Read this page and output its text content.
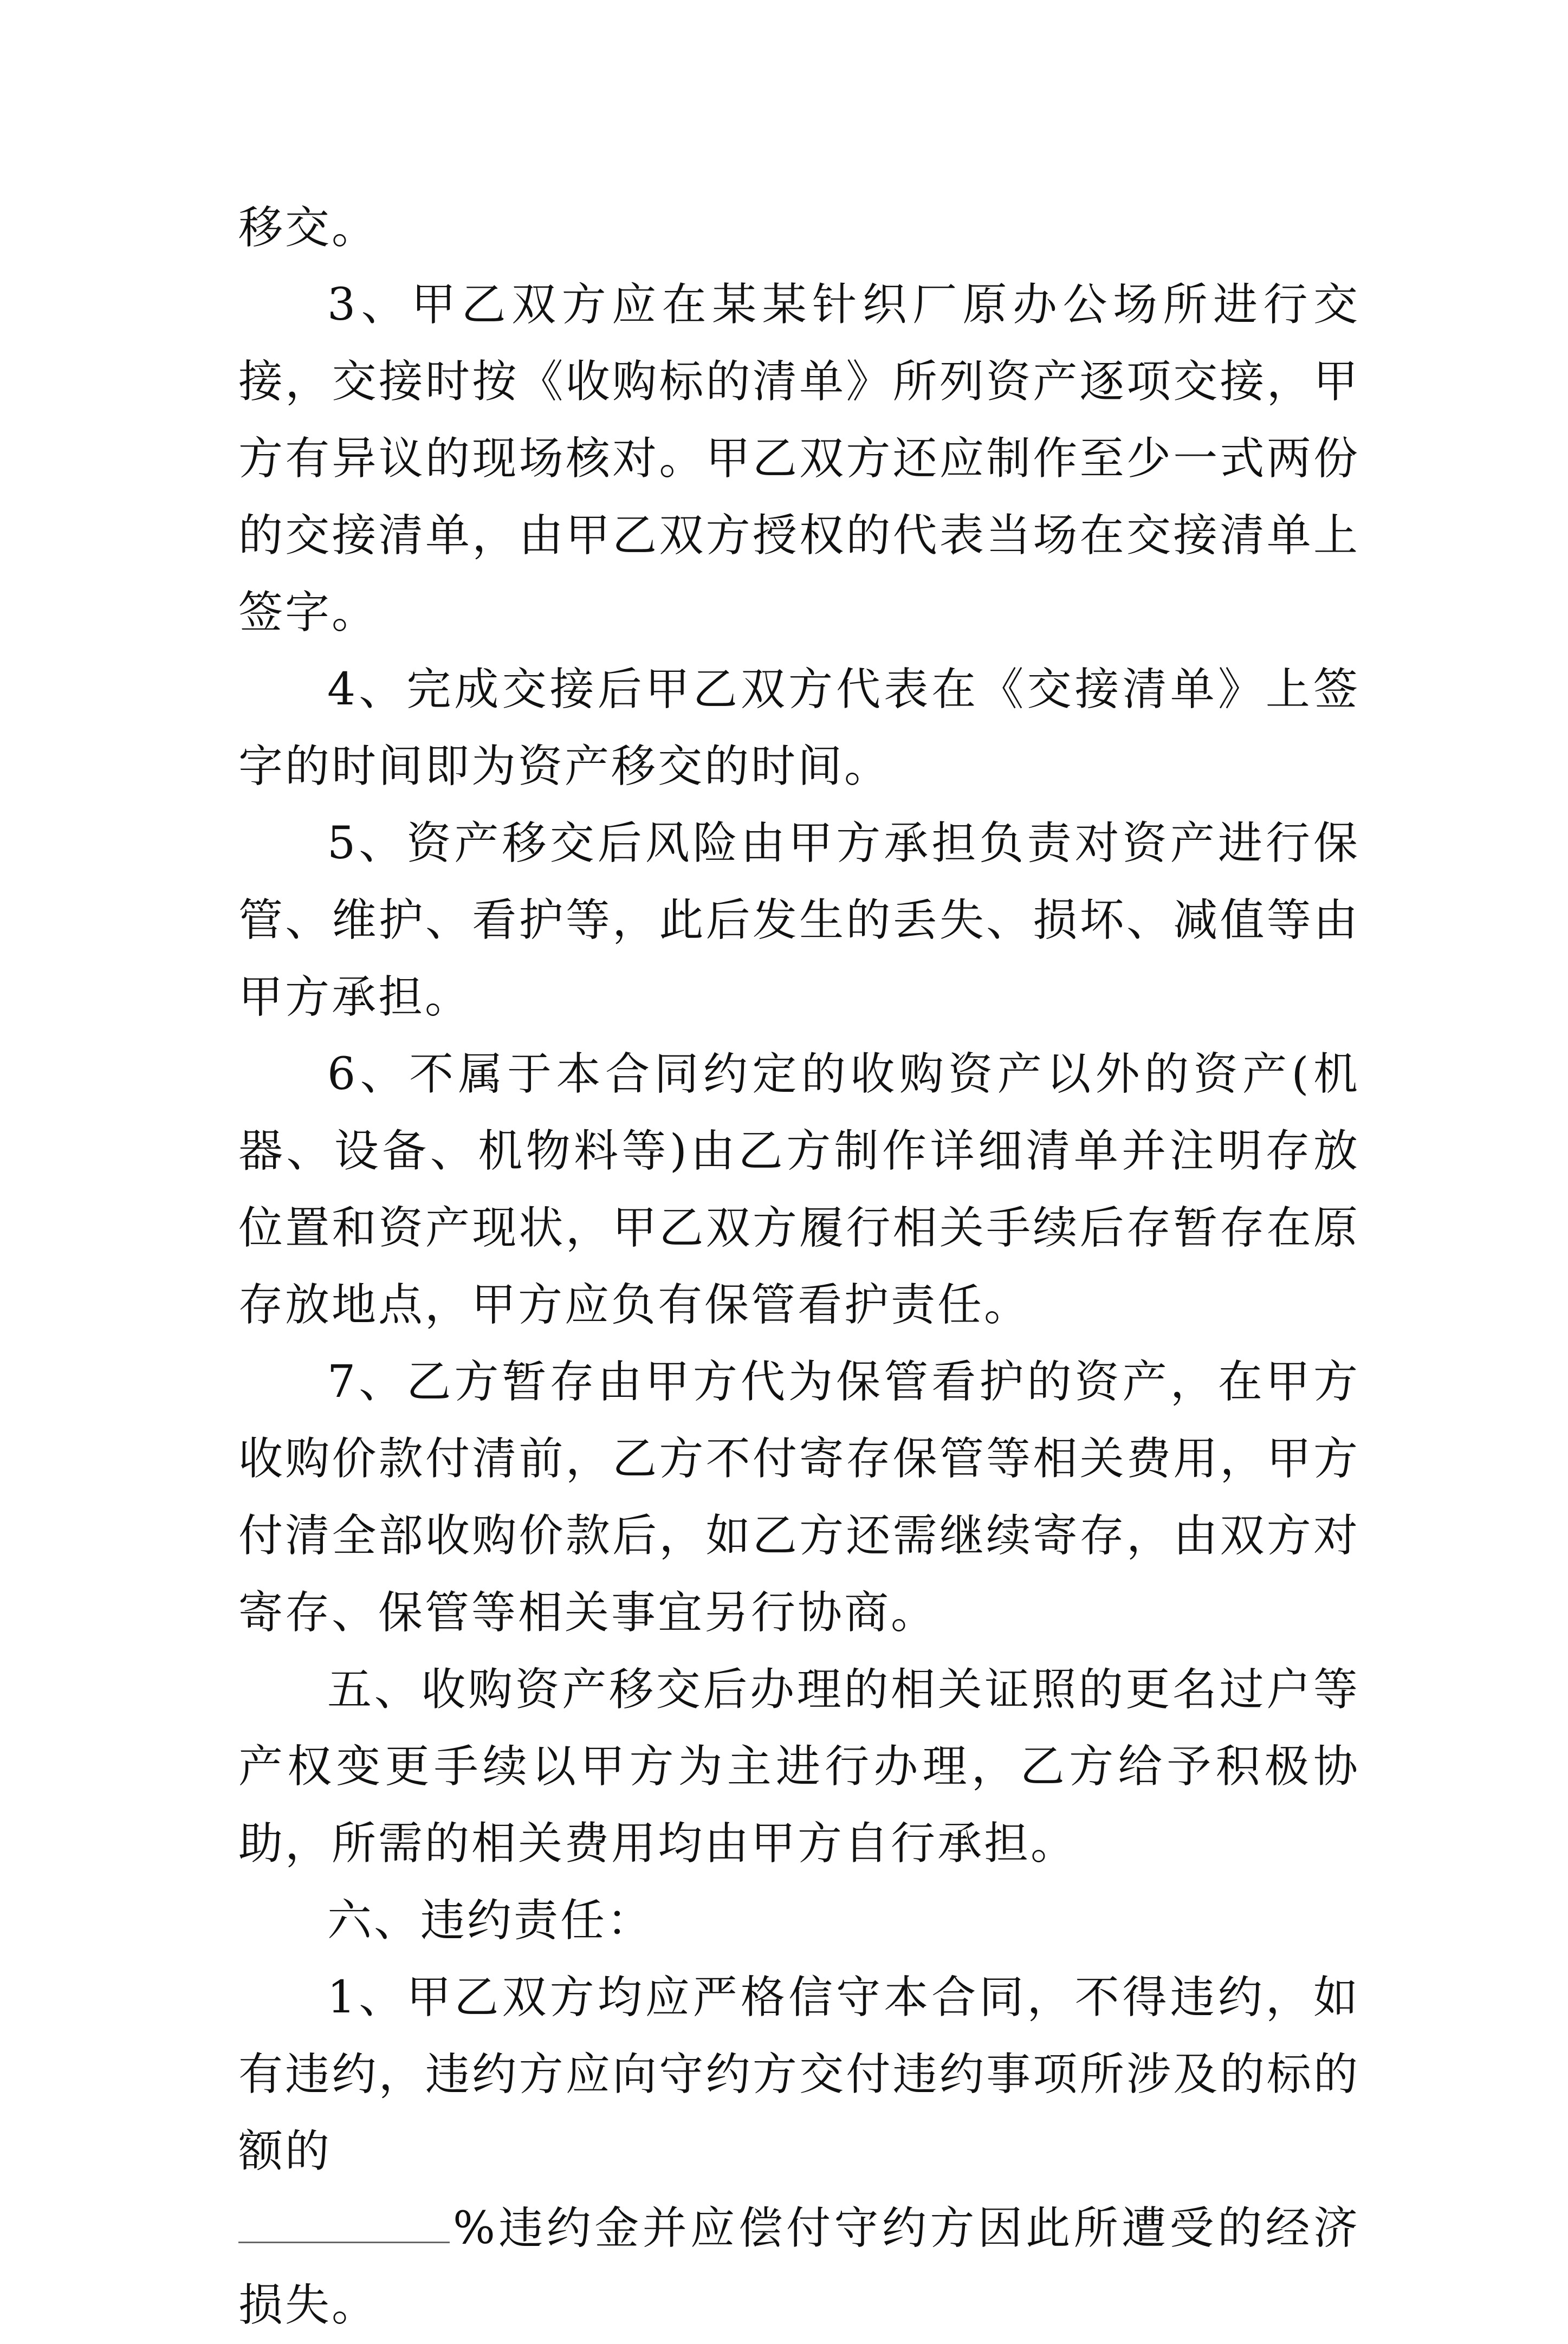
移交。

3、甲乙双方应在某某针织厂原办公场所进行交接，交接时按《收购标的清单》所列资产逐项交接，甲方有异议的现场核对。甲乙双方还应制作至少一式两份的交接清单，由甲乙双方授权的代表当场在交接清单上签字。

4、完成交接后甲乙双方代表在《交接清单》上签字的时间即为资产移交的时间。

5、资产移交后风险由甲方承担负责对资产进行保管、维护、看护等，此后发生的丢失、损坏、减值等由甲方承担。

6、不属于本合同约定的收购资产以外的资产(机器、设备、机物料等)由乙方制作详细清单并注明存放位置和资产现状，甲乙双方履行相关手续后存暂存在原存放地点，甲方应负有保管看护责任。

7、乙方暂存由甲方代为保管看护的资产，在甲方收购价款付清前，乙方不付寄存保管等相关费用，甲方付清全部收购价款后，如乙方还需继续寄存，由双方对寄存、保管等相关事宜另行协商。

五、收购资产移交后办理的相关证照的更名过户等产权变更手续以甲方为主进行办理，乙方给予积极协助，所需的相关费用均由甲方自行承担。

六、违约责任：

1、甲乙双方均应严格信守本合同，不得违约，如有违约，违约方应向守约方交付违约事项所涉及的标的额的

%违约金并应偿付守约方因此所遭受的经济损失。
